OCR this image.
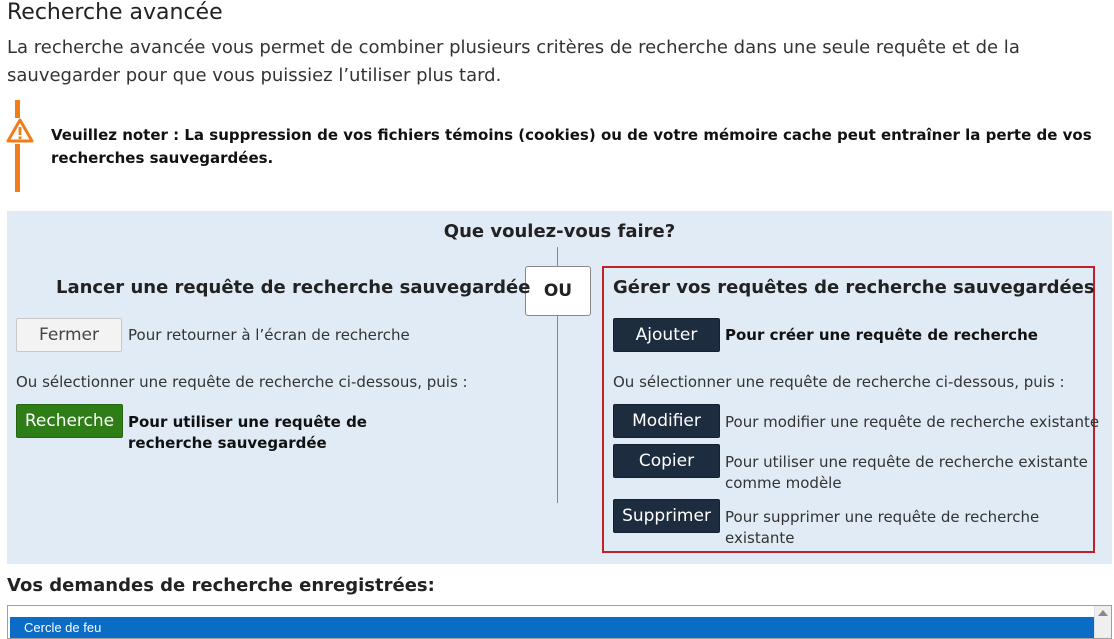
Recherche avancée
La recherche avancée vous permet de combiner plusieurs critères de recherche dans une seule requête et de la sauvegarder pour que vous puissiez l’utiliser plus tard.
Veuillez noter : La suppression de vos fichiers témoins (cookies) ou de votre mémoire cache peut entraîner la perte de vos recherches sauvegardées.
Que voulez-vous faire?
OU
Lancer une requête de recherche sauvegardée
Fermer	Pour retourner à l’écran de recherche
Ou sélectionner une requête de recherche ci-dessous, puis :
Recherche Pour utiliser une requête de recherche sauvegardée
Gérer vos requêtes de recherche sauvegardées
Ajouter	Pour créer une requête de recherche
Ou sélectionner une requête de recherche ci-dessous, puis :
Modifier	Pour modifier une requête de recherche existante
Copier	Pour utiliser une requête de recherche existante comme modèle
Supprimer Pour supprimer une requête de recherche existante
Vos demandes de recherche enregistrées:
Cercle de feu
